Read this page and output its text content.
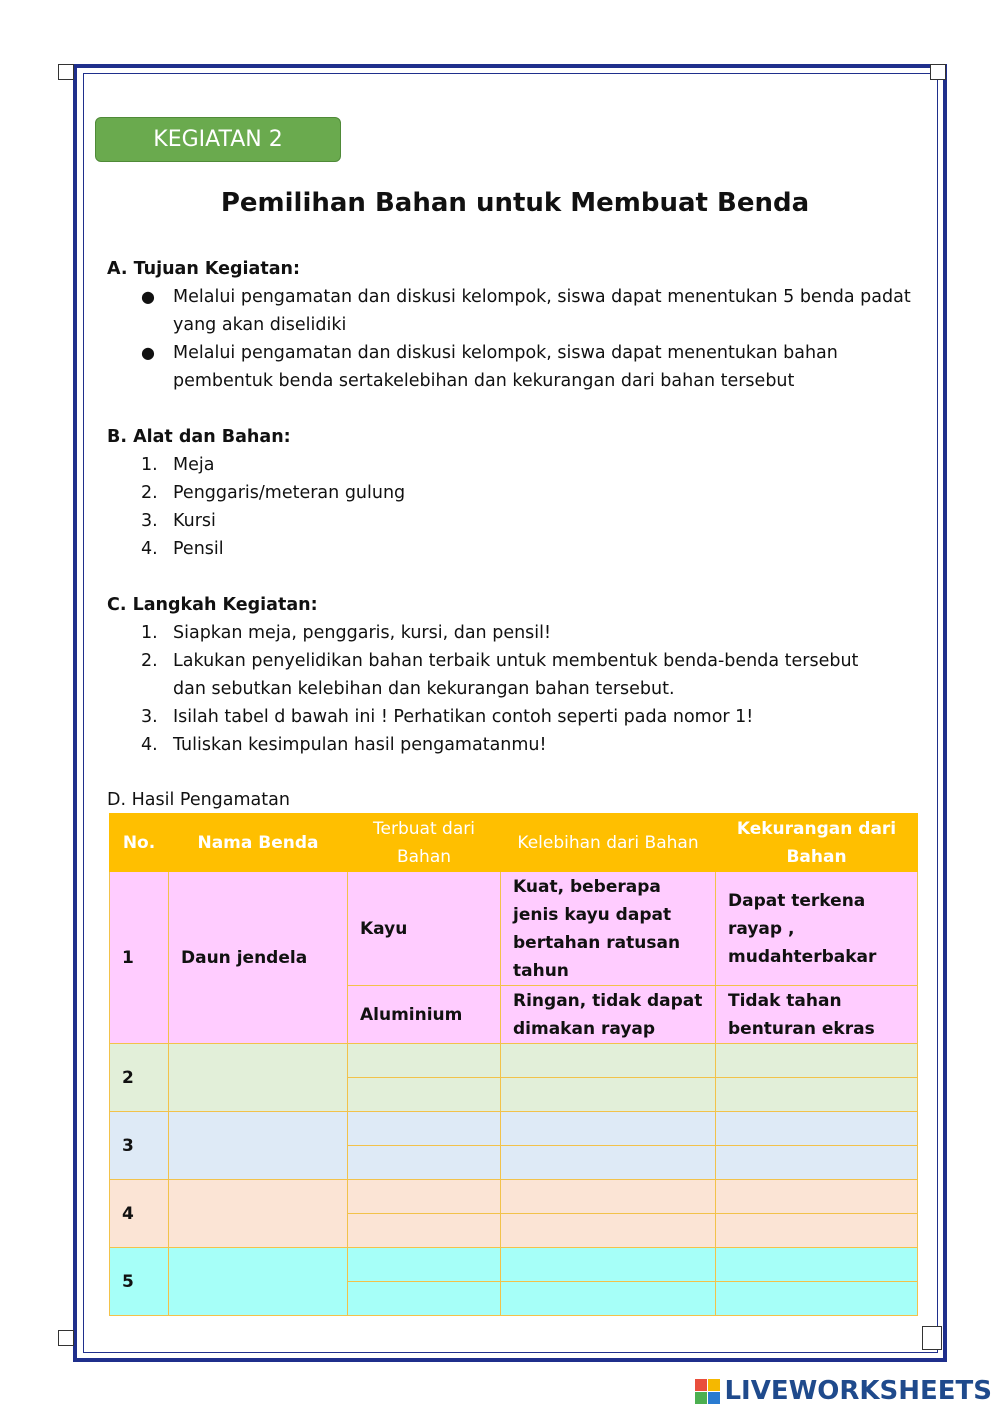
KEGIATAN 2
Pemilihan Bahan untuk Membuat Benda
A. Tujuan Kegiatan:
● Melalui pengamatan dan diskusi kelompok, siswa dapat menentukan 5 benda padat
yang akan diselidiki
● Melalui pengamatan dan diskusi kelompok, siswa dapat menentukan bahan
pembentuk benda sertakelebihan dan kekurangan dari bahan tersebut
B. Alat dan Bahan:
1. Meja
2. Penggaris/meteran gulung
3. Kursi
4. Pensil
C. Langkah Kegiatan:
1. Siapkan meja, penggaris, kursi, dan pensil!
2. Lakukan penyelidikan bahan terbaik untuk membentuk benda-benda tersebut
dan sebutkan kelebihan dan kekurangan bahan tersebut.
3. Isilah tabel d bawah ini ! Perhatikan contoh seperti pada nomor 1!
4. Tuliskan kesimpulan hasil pengamatanmu!
D. Hasil Pengamatan
No.	Nama Benda	Terbuat dari Bahan	Kelebihan dari Bahan	Kekurangan dari Bahan
1	Daun jendela	Kayu	Kuat, beberapa jenis kayu dapat bertahan ratusan tahun	Dapat terkena rayap , mudahterbakar
		Aluminium	Ringan, tidak dapat dimakan rayap	Tidak tahan benturan ekras
2				

3				

4				

5				

LIVEWORKSHEETS
